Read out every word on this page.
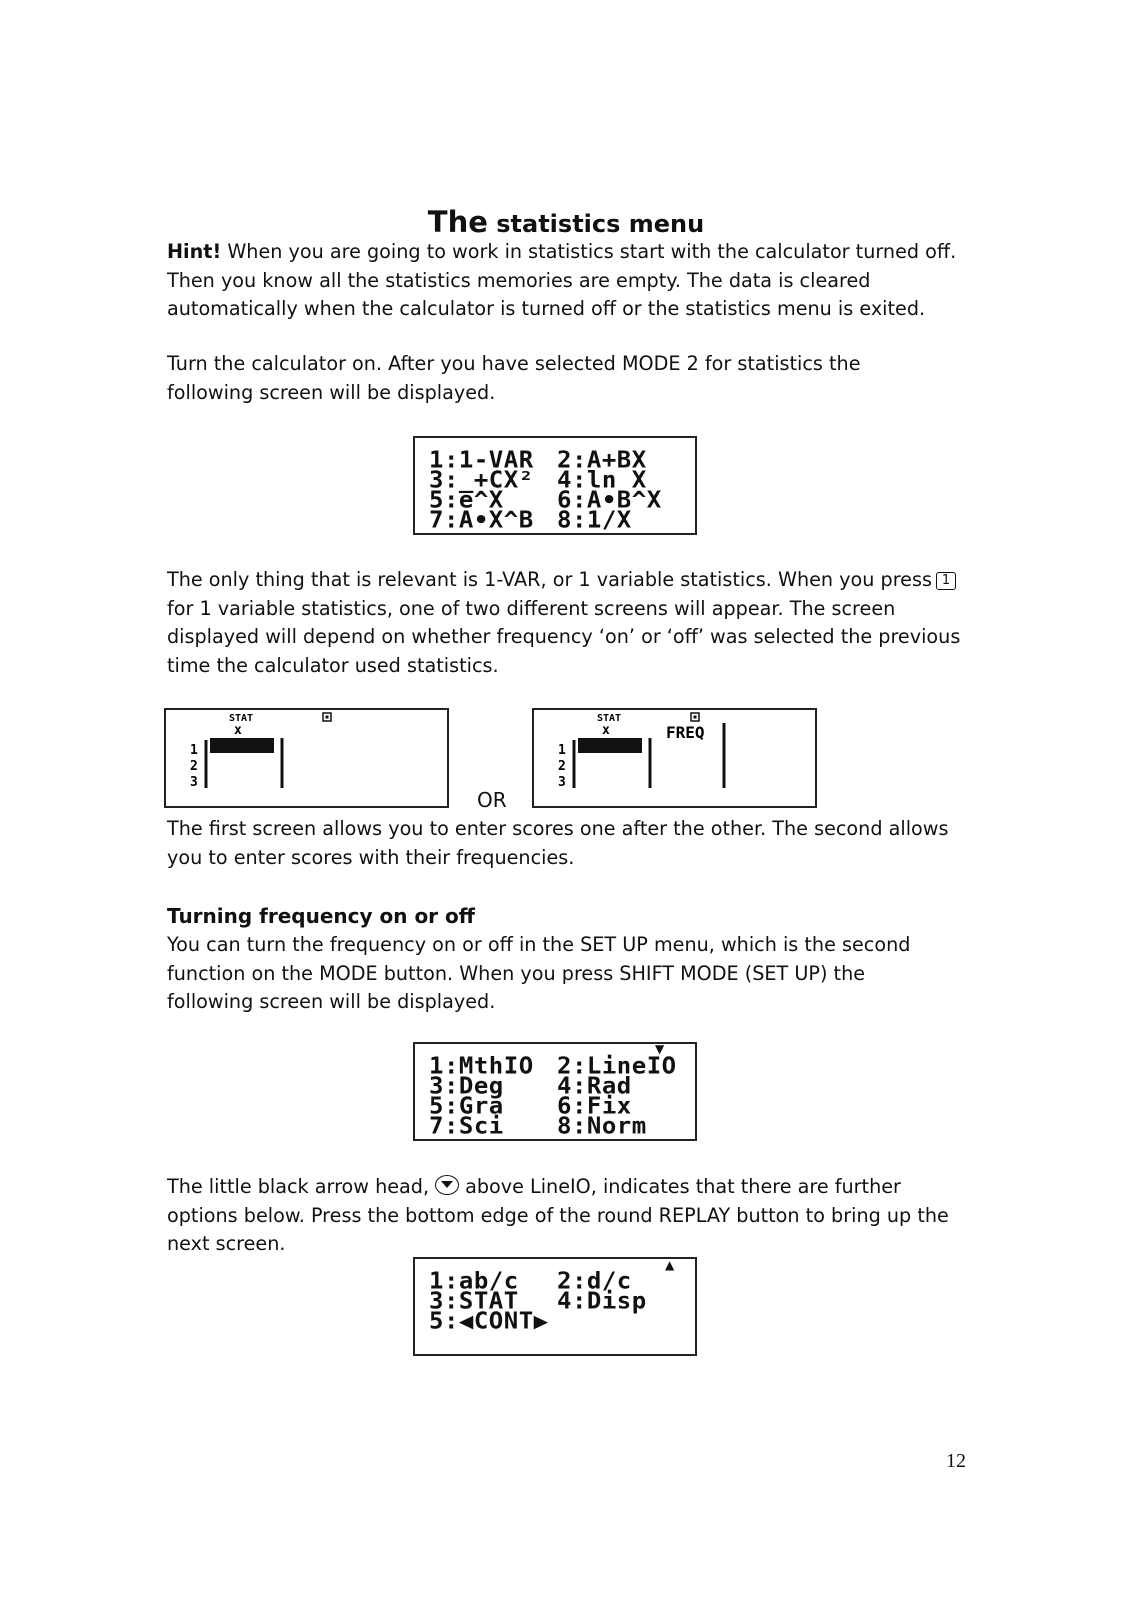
The statistics menu
Hint! When you are going to work in statistics start with the calculator turned off.
Then you know all the statistics memories are empty. The data is cleared
automatically when the calculator is turned off or the statistics menu is exited.
Turn the calculator on. After you have selected MODE 2 for statistics the
following screen will be displayed.
1:1-VAR 2:A+BX
3:_+CX² 4:ln X
5:e^X	6:A•B^X
7:A•X^B 8:1/X
The only thing that is relevant is 1-VAR, or 1 variable statistics. When you press 1
for 1 variable statistics, one of two different screens will appear. The screen
displayed will depend on whether frequency ‘on’ or ‘off’ was selected the previous
time the calculator used statistics.
STAT
x
1
2
3
OR
STAT
x	FREQ
1
2
3
The first screen allows you to enter scores one after the other. The second allows
you to enter scores with their frequencies.
Turning frequency on or off
You can turn the frequency on or off in the SET UP menu, which is the second
function on the MODE button. When you press SHIFT MODE (SET UP) the
following screen will be displayed.
▼
1:MthIO 2:LineIO
3:Deg	4:Rad
5:Gra	6:Fix
7:Sci	8:Norm
The little black arrow head, above LineIO, indicates that there are further
options below. Press the bottom edge of the round REPLAY button to bring up the
next screen.
▲
1:ab/c	2:d/c
3:STAT	4:Disp
5:◀CONT▶
12
